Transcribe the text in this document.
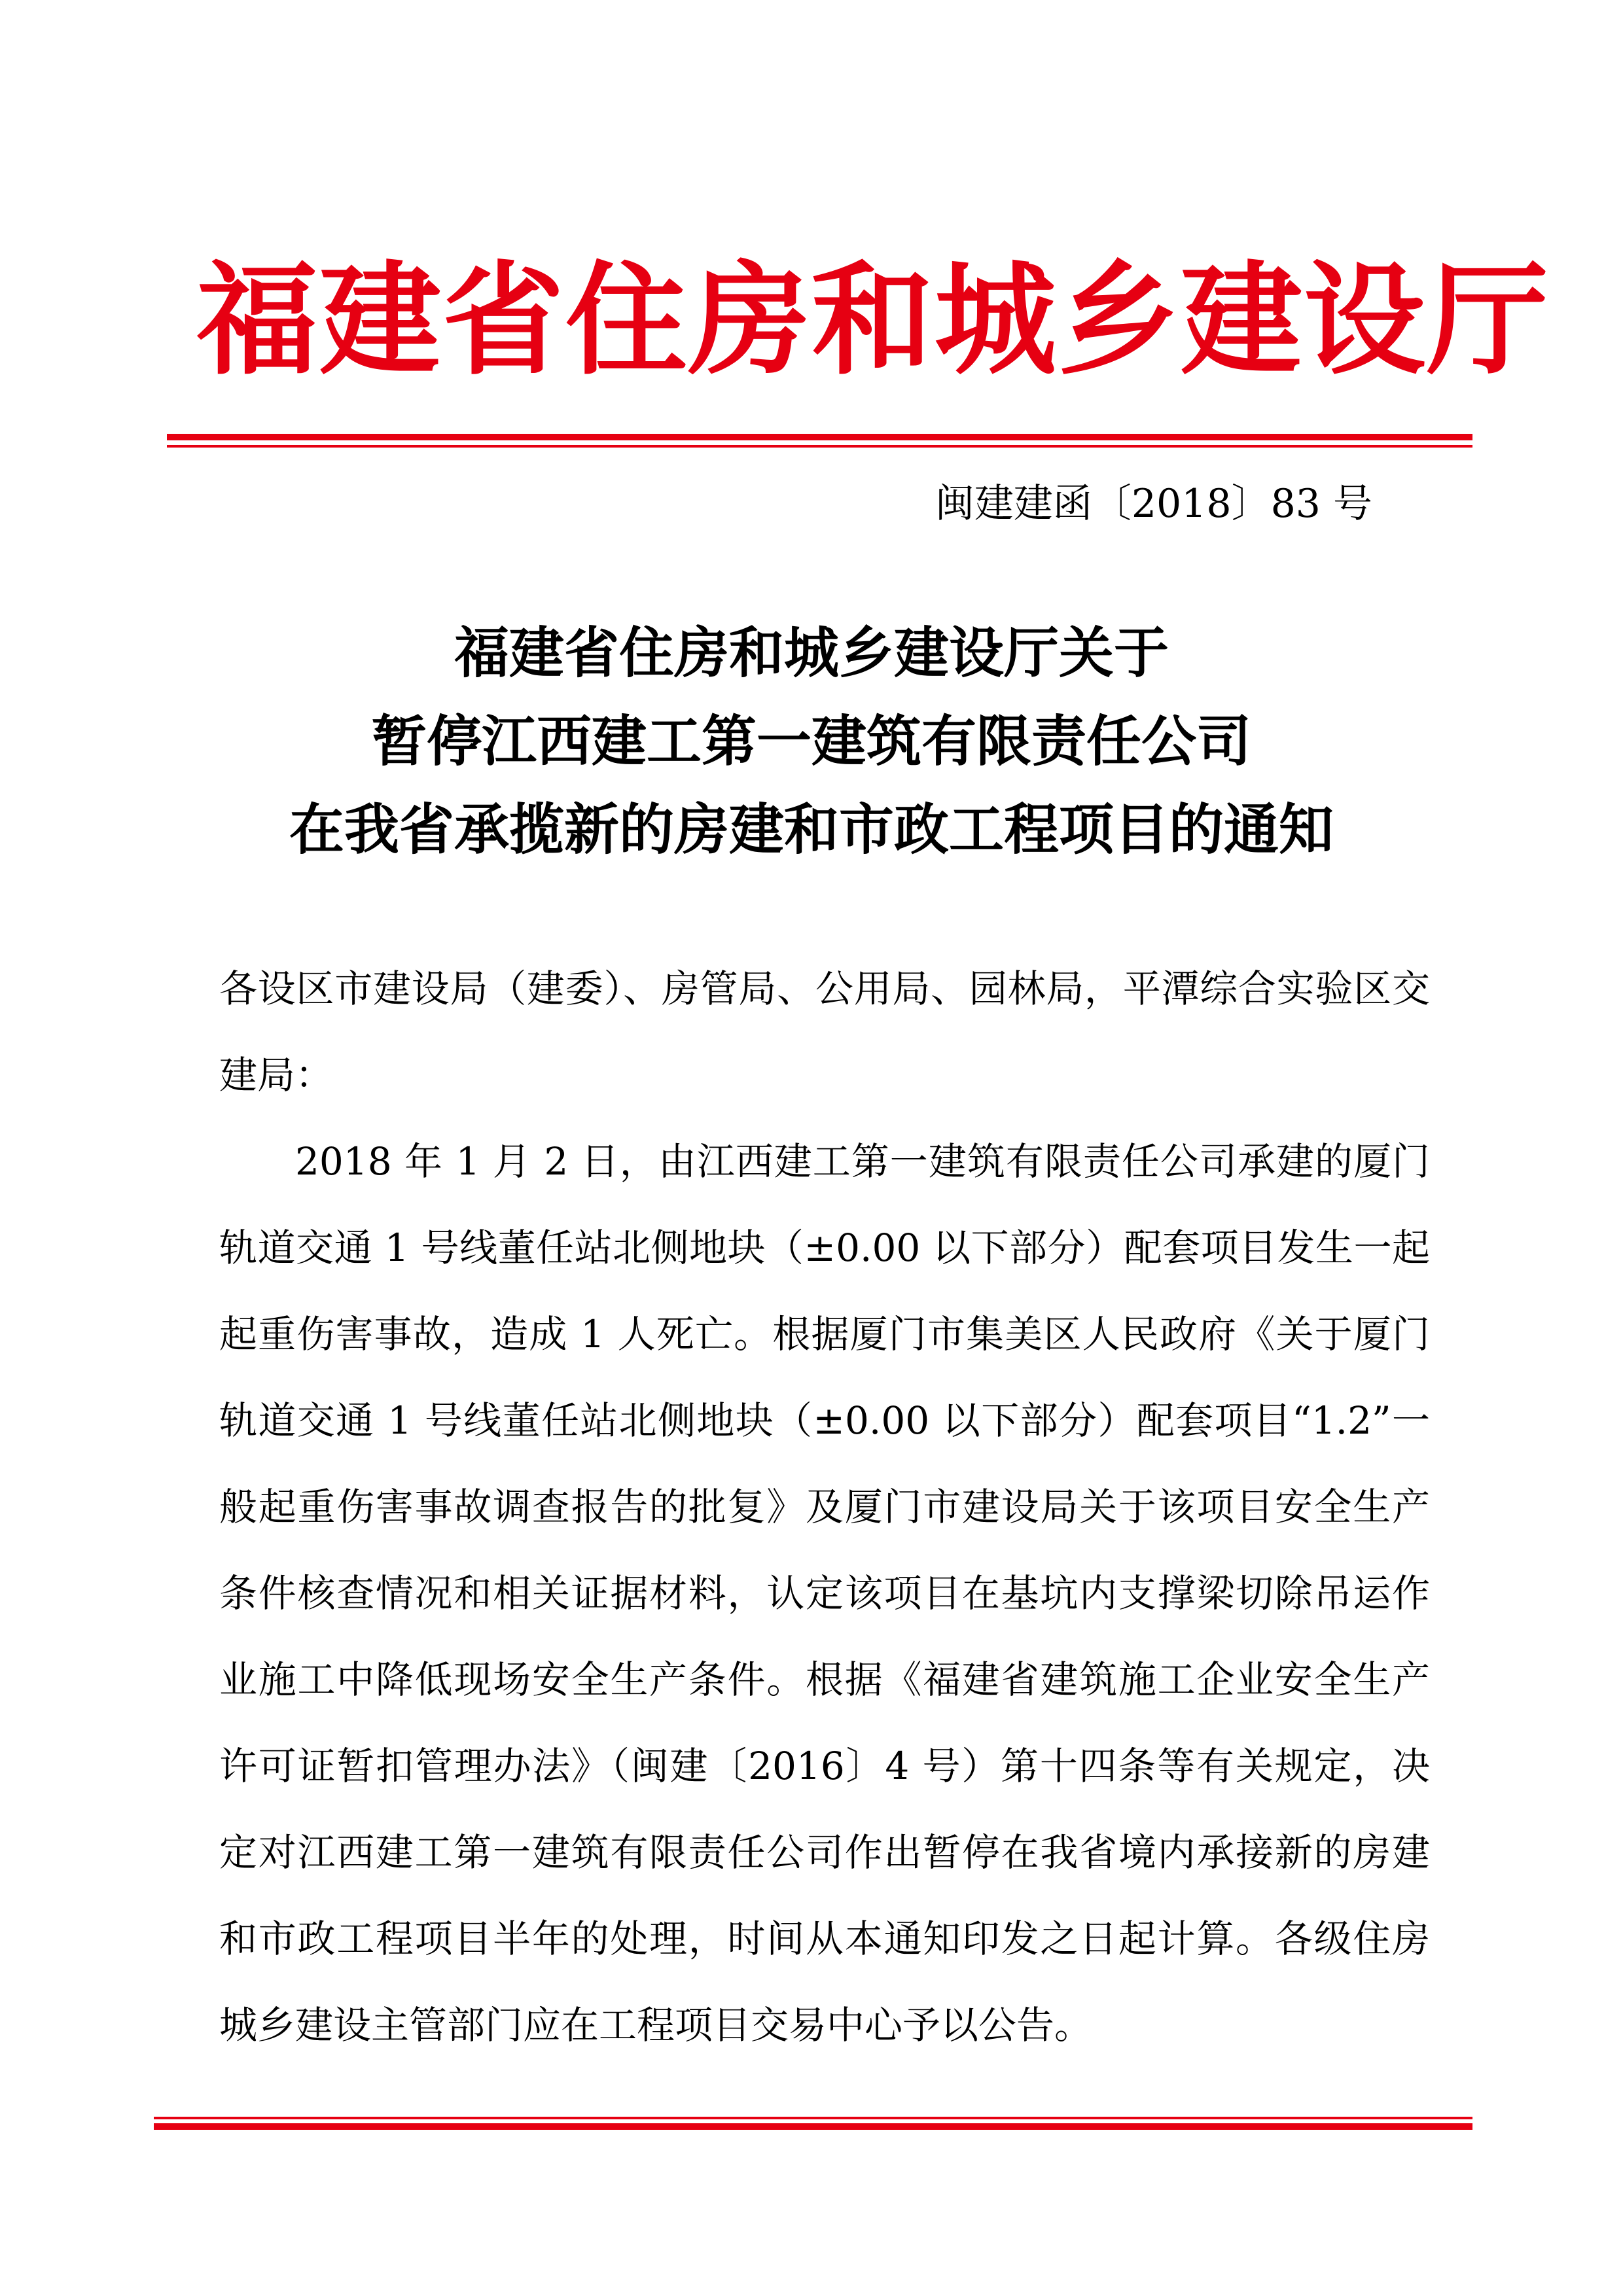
福建省住房和城乡建设厅
闽建建函〔2018〕83 号
福建省住房和城乡建设厅关于
暂停江西建工第一建筑有限责任公司
在我省承揽新的房建和市政工程项目的通知

各设区市建设局（建委）、房管局、公用局、园林局，平潭综合实验区交建局：

2018 年 1 月 2 日，由江西建工第一建筑有限责任公司承建的厦门轨道交通 1 号线董任站北侧地块（±0.00 以下部分）配套项目发生一起起重伤害事故，造成 1 人死亡。根据厦门市集美区人民政府《关于厦门轨道交通 1 号线董任站北侧地块（±0.00 以下部分）配套项目“1.2”一般起重伤害事故调查报告的批复》及厦门市建设局关于该项目安全生产条件核查情况和相关证据材料，认定该项目在基坑内支撑梁切除吊运作业施工中降低现场安全生产条件。根据《福建省建筑施工企业安全生产许可证暂扣管理办法》（闽建〔2016〕4 号）第十四条等有关规定，决定对江西建工第一建筑有限责任公司作出暂停在我省境内承接新的房建和市政工程项目半年的处理，时间从本通知印发之日起计算。各级住房城乡建设主管部门应在工程项目交易中心予以公告。
